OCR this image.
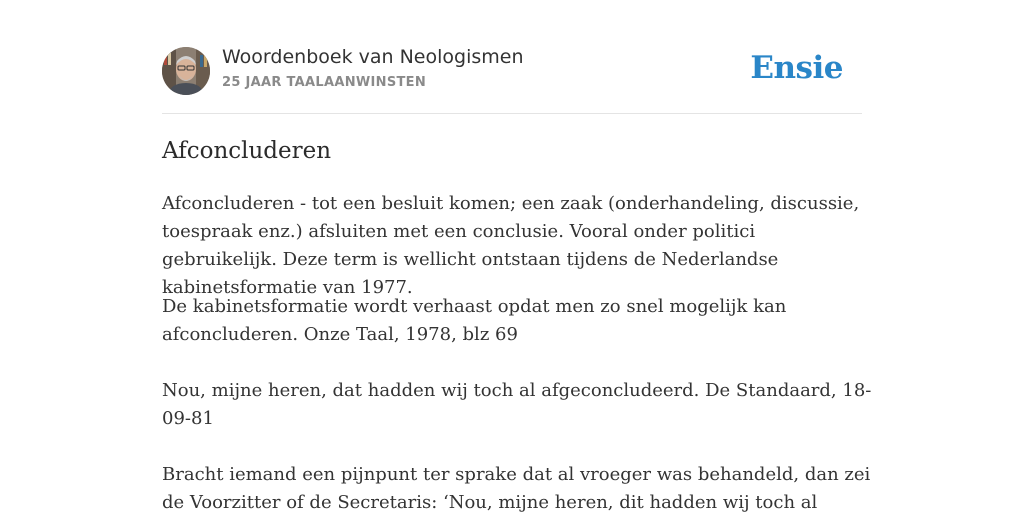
Woordenboek van Neologismen
25 JAAR TAALAANWINSTEN	Ensie
Afconcluderen

Afconcluderen - tot een besluit komen; een zaak (onderhandeling, discussie, toespraak enz.) afsluiten met een conclusie. Vooral onder politici gebruikelijk. Deze term is wellicht ontstaan tijdens de Nederlandse kabinetsformatie van 1977.

De kabinetsformatie wordt verhaast opdat men zo snel mogelijk kan afconcluderen. Onze Taal, 1978, blz 69

Nou, mijne heren, dat hadden wij toch al afgeconcludeerd. De Standaard, 18-09-81

Bracht iemand een pijnpunt ter sprake dat al vroeger was behandeld, dan zei de Voorzitter of de Secretaris: ‘Nou, mijne heren, dit hadden wij toch al
